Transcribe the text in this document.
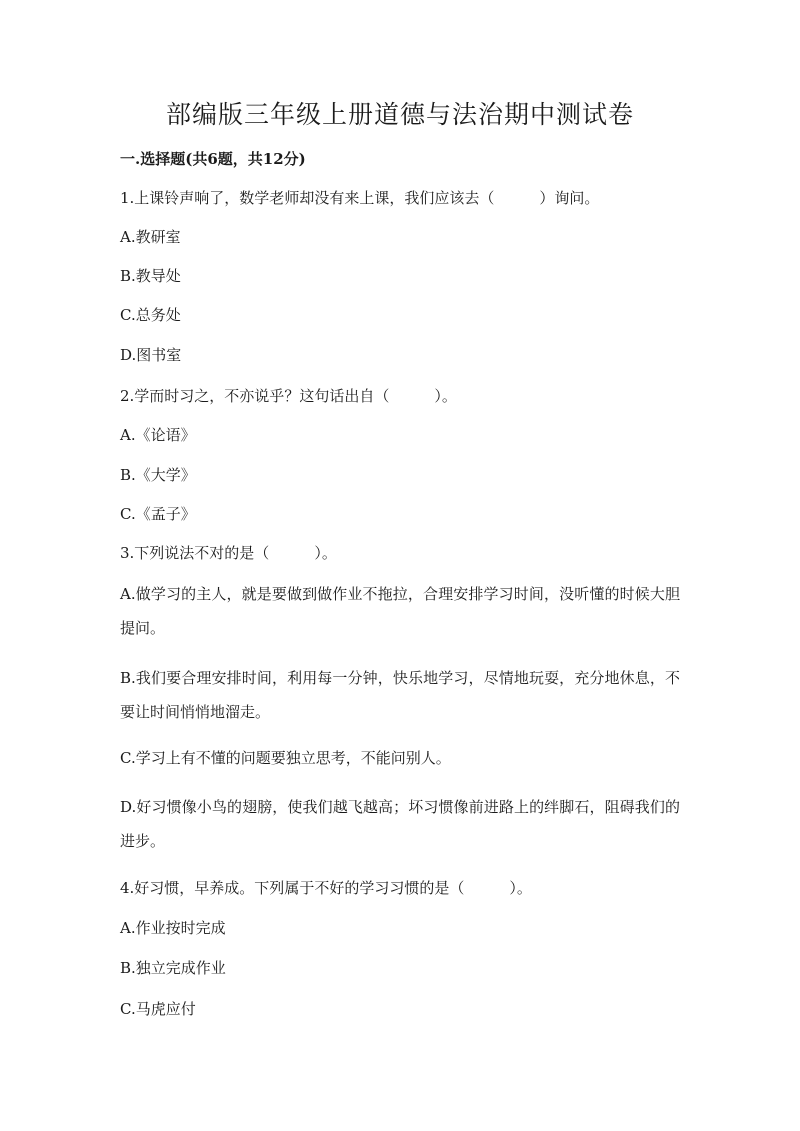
部编版三年级上册道德与法治期中测试卷
一.选择题(共6题，共12分)
1.上课铃声响了，数学老师却没有来上课，我们应该去（　　　）询问。
A.教研室
B.教导处
C.总务处
D.图书室
2.学而时习之，不亦说乎？这句话出自（　　　）。
A.《论语》
B.《大学》
C.《孟子》
3.下列说法不对的是（　　　）。
A.做学习的主人，就是要做到做作业不拖拉，合理安排学习时间，没听懂的时候大胆提问。
B.我们要合理安排时间，利用每一分钟，快乐地学习，尽情地玩耍，充分地休息，不要让时间悄悄地溜走。
C.学习上有不懂的问题要独立思考，不能问别人。
D.好习惯像小鸟的翅膀，使我们越飞越高；坏习惯像前进路上的绊脚石，阻碍我们的进步。
4.好习惯，早养成。下列属于不好的学习习惯的是（　　　）。
A.作业按时完成
B.独立完成作业
C.马虎应付
